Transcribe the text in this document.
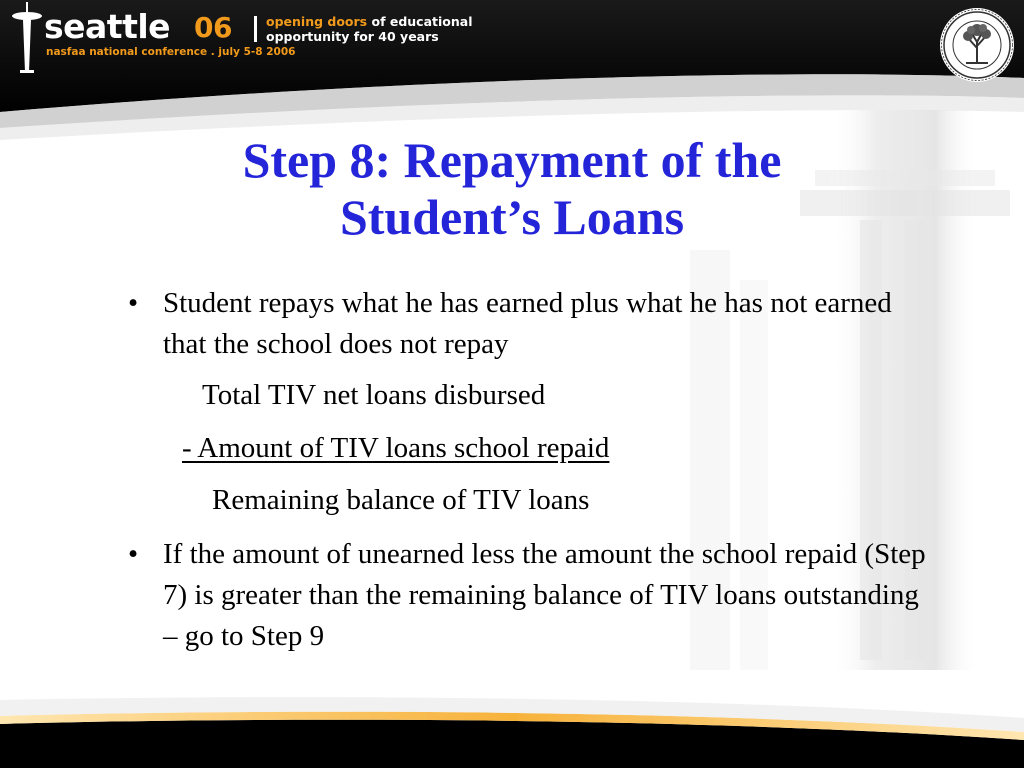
seattle 06
nasfaa national conference . july 5-8 2006
opening doors of educational
opportunity for 40 years
Step 8: Repayment of the
Student’s Loans
• Student repays what he has earned plus what he has not earned that the school does not repay
Total TIV net loans disbursed
- Amount of TIV loans school repaid
Remaining balance of TIV loans
• If the amount of unearned less the amount the school repaid (Step 7) is greater than the remaining balance of TIV loans outstanding – go to Step 9
